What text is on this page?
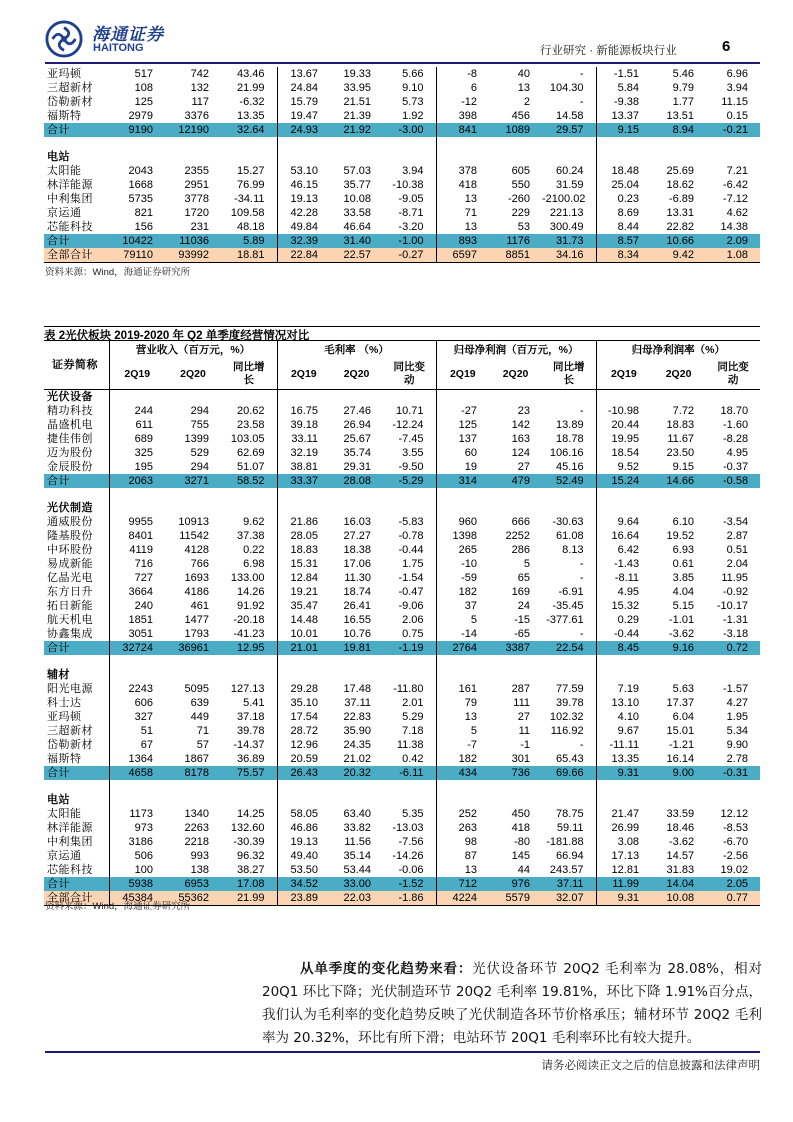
海通证券
HAITONG	行业研究 · 新能源板块行业	6
亚玛顿	517	742	43.46	13.67	19.33	5.66	-8	40	-	-1.51	5.46	6.96
三超新材	108	132	21.99	24.84	33.95	9.10	6	13	104.30	5.84	9.79	3.94
岱勒新材	125	117	-6.32	15.79	21.51	5.73	-12	2	-	-9.38	1.77	11.15
福斯特	2979	3376	13.35	19.47	21.39	1.92	398	456	14.58	13.37	13.51	0.15
合计	9190	12190	32.64	24.93	21.92	-3.00	841	1089	29.57	9.15	8.94	-0.21

电站												
太阳能	2043	2355	15.27	53.10	57.03	3.94	378	605	60.24	18.48	25.69	7.21
林洋能源	1668	2951	76.99	46.15	35.77	-10.38	418	550	31.59	25.04	18.62	-6.42
中利集团	5735	3778	-34.11	19.13	10.08	-9.05	13	-260	-2100.02	0.23	-6.89	-7.12
京运通	821	1720	109.58	42.28	33.58	-8.71	71	229	221.13	8.69	13.31	4.62
芯能科技	156	231	48.18	49.84	46.64	-3.20	13	53	300.49	8.44	22.82	14.38
合计	10422	11036	5.89	32.39	31.40	-1.00	893	1176	31.73	8.57	10.66	2.09
全部合计	79110	93992	18.81	22.84	22.57	-0.27	6597	8851	34.16	8.34	9.42	1.08
资料来源：Wind，海通证券研究所
表 2光伏板块 2019-2020 年 Q2 单季度经营情况对比
证券简称	营业收入（百万元，%）			毛利率 （%）			归母净利润（百万元，%）			归母净利润率（%）		
	2Q19	2Q20	同比增长	2Q19	2Q20	同比变动	2Q19	2Q20	同比增长	2Q19	2Q20	同比变动
光伏设备												
精功科技	244	294	20.62	16.75	27.46	10.71	-27	23	-	-10.98	7.72	18.70
晶盛机电	611	755	23.58	39.18	26.94	-12.24	125	142	13.89	20.44	18.83	-1.60
捷佳伟创	689	1399	103.05	33.11	25.67	-7.45	137	163	18.78	19.95	11.67	-8.28
迈为股份	325	529	62.69	32.19	35.74	3.55	60	124	106.16	18.54	23.50	4.95
金辰股份	195	294	51.07	38.81	29.31	-9.50	19	27	45.16	9.52	9.15	-0.37
合计	2063	3271	58.52	33.37	28.08	-5.29	314	479	52.49	15.24	14.66	-0.58

光伏制造												
通威股份	9955	10913	9.62	21.86	16.03	-5.83	960	666	-30.63	9.64	6.10	-3.54
隆基股份	8401	11542	37.38	28.05	27.27	-0.78	1398	2252	61.08	16.64	19.52	2.87
中环股份	4119	4128	0.22	18.83	18.38	-0.44	265	286	8.13	6.42	6.93	0.51
易成新能	716	766	6.98	15.31	17.06	1.75	-10	5	-	-1.43	0.61	2.04
亿晶光电	727	1693	133.00	12.84	11.30	-1.54	-59	65	-	-8.11	3.85	11.95
东方日升	3664	4186	14.26	19.21	18.74	-0.47	182	169	-6.91	4.95	4.04	-0.92
拓日新能	240	461	91.92	35.47	26.41	-9.06	37	24	-35.45	15.32	5.15	-10.17
航天机电	1851	1477	-20.18	14.48	16.55	2.06	5	-15	-377.61	0.29	-1.01	-1.31
协鑫集成	3051	1793	-41.23	10.01	10.76	0.75	-14	-65	-	-0.44	-3.62	-3.18
合计	32724	36961	12.95	21.01	19.81	-1.19	2764	3387	22.54	8.45	9.16	0.72

辅材												
阳光电源	2243	5095	127.13	29.28	17.48	-11.80	161	287	77.59	7.19	5.63	-1.57
科士达	606	639	5.41	35.10	37.11	2.01	79	111	39.78	13.10	17.37	4.27
亚玛顿	327	449	37.18	17.54	22.83	5.29	13	27	102.32	4.10	6.04	1.95
三超新材	51	71	39.78	28.72	35.90	7.18	5	11	116.92	9.67	15.01	5.34
岱勒新材	67	57	-14.37	12.96	24.35	11.38	-7	-1	-	-11.11	-1.21	9.90
福斯特	1364	1867	36.89	20.59	21.02	0.42	182	301	65.43	13.35	16.14	2.78
合计	4658	8178	75.57	26.43	20.32	-6.11	434	736	69.66	9.31	9.00	-0.31

电站												
太阳能	1173	1340	14.25	58.05	63.40	5.35	252	450	78.75	21.47	33.59	12.12
林洋能源	973	2263	132.60	46.86	33.82	-13.03	263	418	59.11	26.99	18.46	-8.53
中利集团	3186	2218	-30.39	19.13	11.56	-7.56	98	-80	-181.88	3.08	-3.62	-6.70
京运通	506	993	96.32	49.40	35.14	-14.26	87	145	66.94	17.13	14.57	-2.56
芯能科技	100	138	38.27	53.50	53.44	-0.06	13	44	243.57	12.81	31.83	19.02
合计	5938	6953	17.08	34.52	33.00	-1.52	712	976	37.11	11.99	14.04	2.05
全部合计	45384	55362	21.99	23.89	22.03	-1.86	4224	5579	32.07	9.31	10.08	0.77
资料来源：Wind，海通证券研究所
从单季度的变化趋势来看：光伏设备环节 20Q2 毛利率为 28.08%，相对 20Q1 环比下降；光伏制造环节 20Q2 毛利率 19.81%，环比下降 1.91%百分点，我们认为毛利率的变化趋势反映了光伏制造各环节价格承压；辅材环节 20Q2 毛利率为 20.32%，环比有所下滑；电站环节 20Q1 毛利率环比有较大提升。
请务必阅读正文之后的信息披露和法律声明
